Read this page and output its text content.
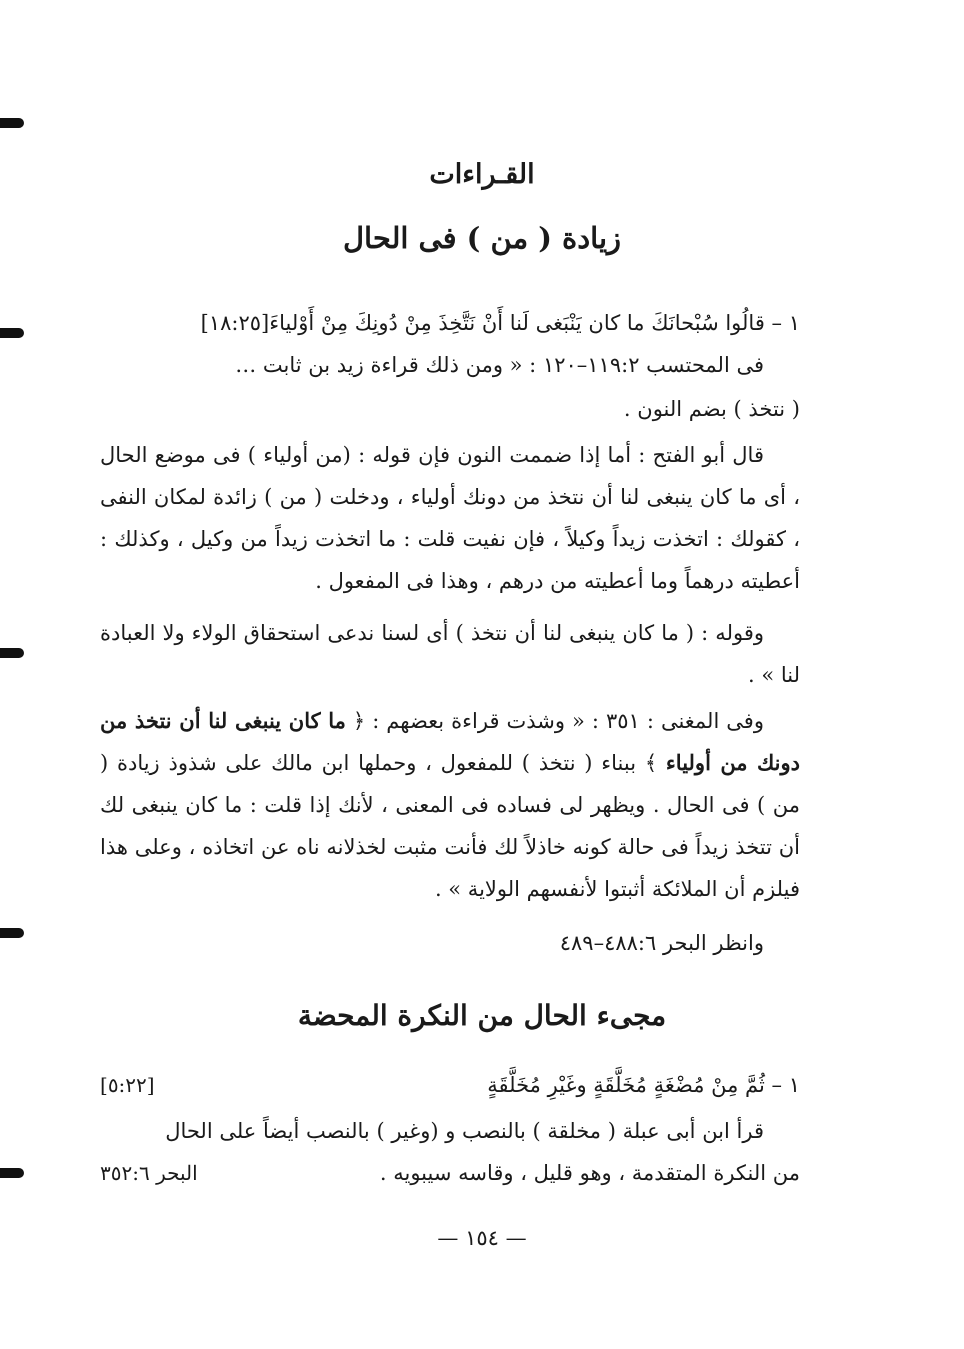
القـراءات
زيادة ( من ) فى الحال
١ – قالُوا سُبْحانَكَ ما كان يَنْبَغى لَنا أَنْ نَتَّخِذَ مِنْ دُونِكَ مِنْ أَوْلياءَ[١٨:٢٥]
فى المحتسب ١١٩:٢–١٢٠ : « ومن ذلك قراءة زيد بن ثابت …
( نتخذ ) بضم النون .
قال أبو الفتح : أما إذا ضممت النون فإن قوله : (من أولياء ) فى موضع الحال ، أى ما كان ينبغى لنا أن نتخذ من دونك أولياء ، ودخلت ( من ) زائدة لمكان النفى ، كقولك : اتخذت زيداً وكيلاً ، فإن نفيت قلت : ما اتخذت زيداً من وكيل ، وكذلك : أعطيته درهماً وما أعطيته من درهم ، وهذا فى المفعول .
وقوله : ( ما كان ينبغى لنا أن نتخذ ) أى لسنا ندعى استحقاق الولاء ولا العبادة لنا » .
وفى المغنى : ٣٥١ : « وشذت قراءة بعضهم : ﴿ ما كان ينبغى لنا أن نتخذ من دونك من أولياء ﴾ ببناء ( نتخذ ) للمفعول ، وحملها ابن مالك على شذوذ زيادة ( من ) فى الحال . ويظهر لى فساده فى المعنى ، لأنك إذا قلت : ما كان ينبغى لك أن تتخذ زيداً فى حالة كونه خاذلاً لك فأنت مثبت لخذلانه ناه عن اتخاذه ، وعلى هذا فيلزم أن الملائكة أثبتوا لأنفسهم الولاية » .
وانظر البحر ٤٨٨:٦–٤٨٩
مجىء الحال من النكرة المحضة
١ – ثُمَّ مِنْ مُضْغَةٍ مُخَلَّقَةٍ وغَيْرِ مُخَلَّقَةٍ
[٥:٢٢]
قرأ ابن أبى عبلة ( مخلقة ) بالنصب و (وغير ) بالنصب أيضاً على الحال
من النكرة المتقدمة ، وهو قليل ، وقاسه سيبويه .
البحر ٣٥٢:٦
— ١٥٤ —
